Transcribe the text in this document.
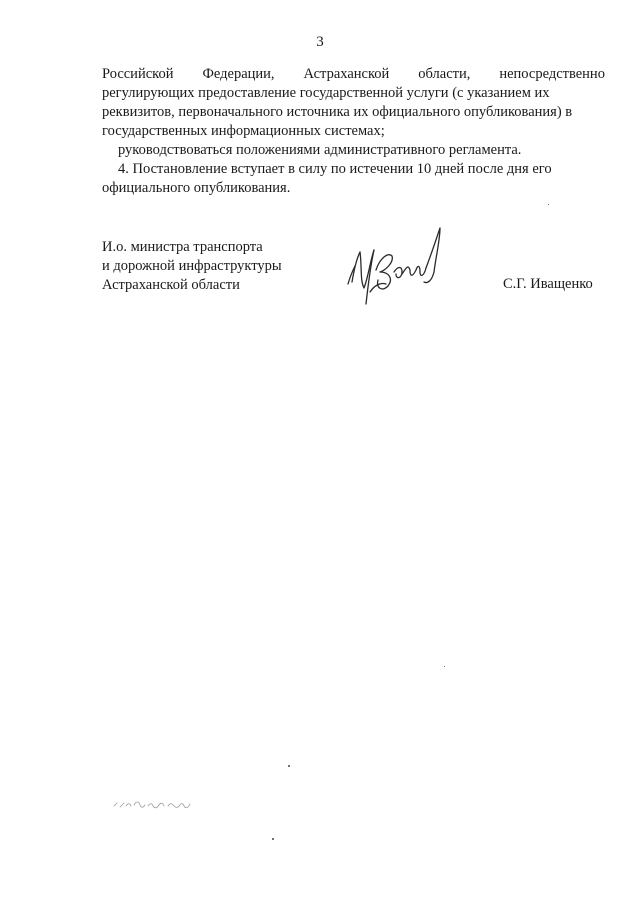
3
Российской Федерации, Астраханской области, непосредственно
регулирующих предоставление государственной услуги (с указанием их
реквизитов, первоначального источника их официального опубликования) в
государственных информационных системах;
руководствоваться положениями административного регламента.
4. Постановление вступает в силу по истечении 10 дней после дня его
официального опубликования.
И.о. министра транспорта
и дорожной инфраструктуры
Астраханской области	С.Г. Иващенко
